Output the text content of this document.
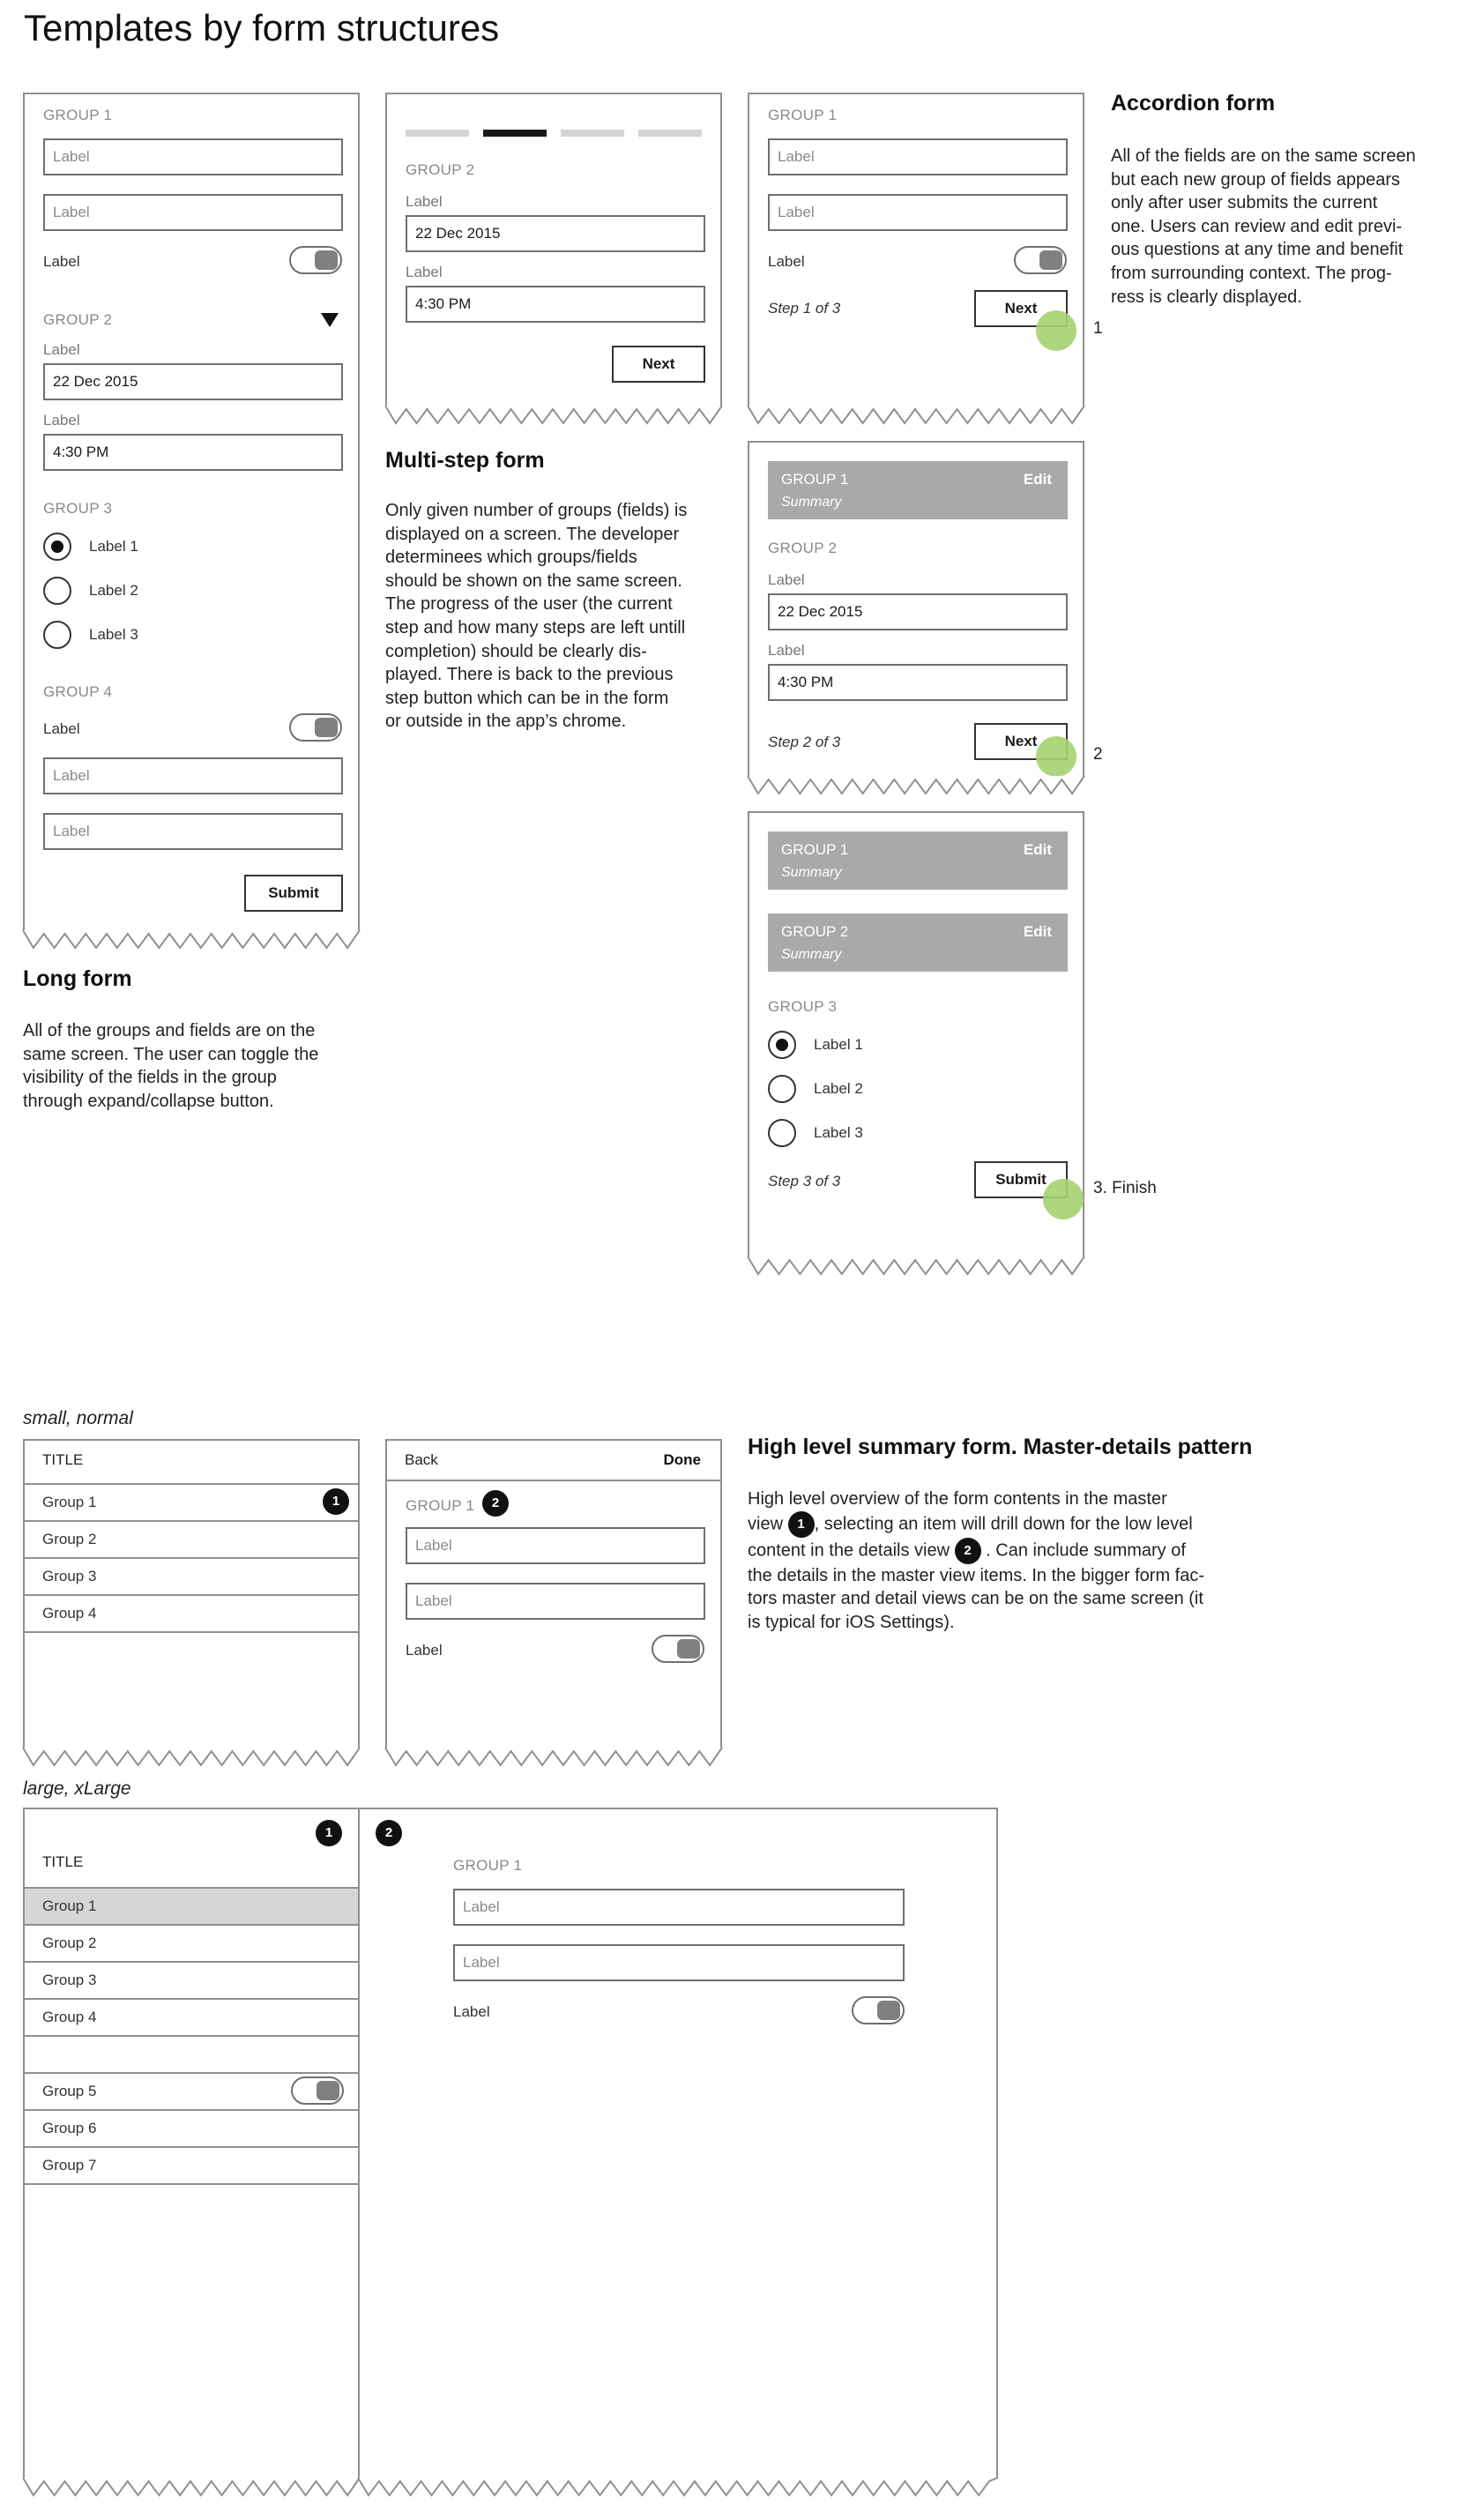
Templates by form structures
GROUP 1
Label
Label
Label
GROUP 2
Label
22 Dec 2015
Label
4:30 PM
GROUP 3
Label 1
Label 2
Label 3
GROUP 4
Label
Label
Label
Submit
Long form
All of the groups and fields are on the
same screen. The user can toggle the
visibility of the fields in the group
through expand/collapse button.
GROUP 2
Label
22 Dec 2015
Label
4:30 PM
Next
Multi-step form
Only given number of groups (fields) is
displayed on a screen. The developer
determinees which groups/fields
should be shown on the same screen.
The progress of the user (the current
step and how many steps are left untill
completion) should be clearly dis-
played. There is back to the previous
step button which can be in the form
or outside in the app’s chrome.
GROUP 1
Label
Label
Label
Step 1 of 3	Next
1
Accordion form
All of the fields are on the same screen
but each new group of fields appears
only after user submits the current
one. Users can review and edit previ-
ous questions at any time and benefit
from surrounding context. The prog-
ress is clearly displayed.
GROUP 1
Summary
Edit
GROUP 2
Label
22 Dec 2015
Label
4:30 PM
Step 2 of 3	Next
2
GROUP 1
Summary
Edit
GROUP 2
Summary
Edit
GROUP 3
Label 1
Label 2
Label 3
Step 3 of 3	Submit	3. Finish
small, normal
TITLE
Group 1	1
Group 2
Group 3
Group 4
Back	Done
GROUP 1	2
Label
Label
Label
High level summary form. Master-details pattern
High level overview of the form contents in the master
view 1 , selecting an item will drill down for the low level
content in the details view 2 . Can include summary of
the details in the master view items. In the bigger form fac-
tors master and detail views can be on the same screen (it
is typical for iOS Settings).
large, xLarge
1
TITLE
Group 1
Group 2
Group 3
Group 4
Group 5
Group 6
Group 7
2
GROUP 1
Label
Label
Label
